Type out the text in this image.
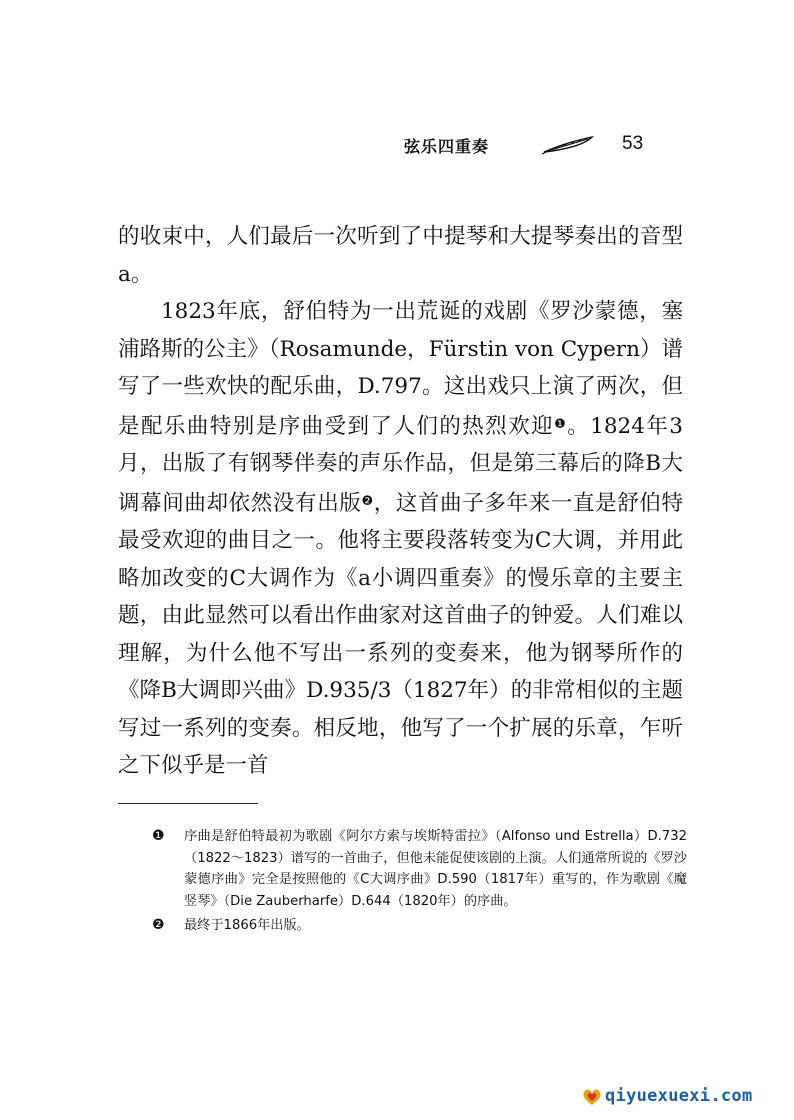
弦乐四重奏	53

的收束中，人们最后一次听到了中提琴和大提琴奏出的音型 a。

1823年底，舒伯特为一出荒诞的戏剧《罗沙蒙德，塞浦路斯的公主》（Rosamunde，Fürstin von Cypern）谱写了一些欢快的配乐曲，D.797。这出戏只上演了两次，但是配乐曲特别是序曲受到了人们的热烈欢迎$^❶$。1824年3月，出版了有钢琴伴奏的声乐作品，但是第三幕后的降B大调幕间曲却依然没有出版$^❷$，这首曲子多年来一直是舒伯特最受欢迎的曲目之一。他将主要段落转变为C大调，并用此略加改变的C大调作为《a小调四重奏》的慢乐章的主要主题，由此显然可以看出作曲家对这首曲子的钟爱。人们难以理解，为什么他不写出一系列的变奏来，他为钢琴所作的《降B大调即兴曲》D.935/3（1827年）的非常相似的主题写过一系列的变奏。相反地，他写了一个扩展的乐章，乍听之下似乎是一首

❶ 序曲是舒伯特最初为歌剧《阿尔方索与埃斯特雷拉》（Alfonso und Estrella）D.732（1822～1823）谱写的一首曲子，但他未能促使该剧的上演。人们通常所说的《罗沙蒙德序曲》完全是按照他的《C大调序曲》D.590（1817年）重写的，作为歌剧《魔竖琴》（Die Zauberharfe）D.644（1820年）的序曲。
❷ 最终于1866年出版。
qiyuexuexi.com
